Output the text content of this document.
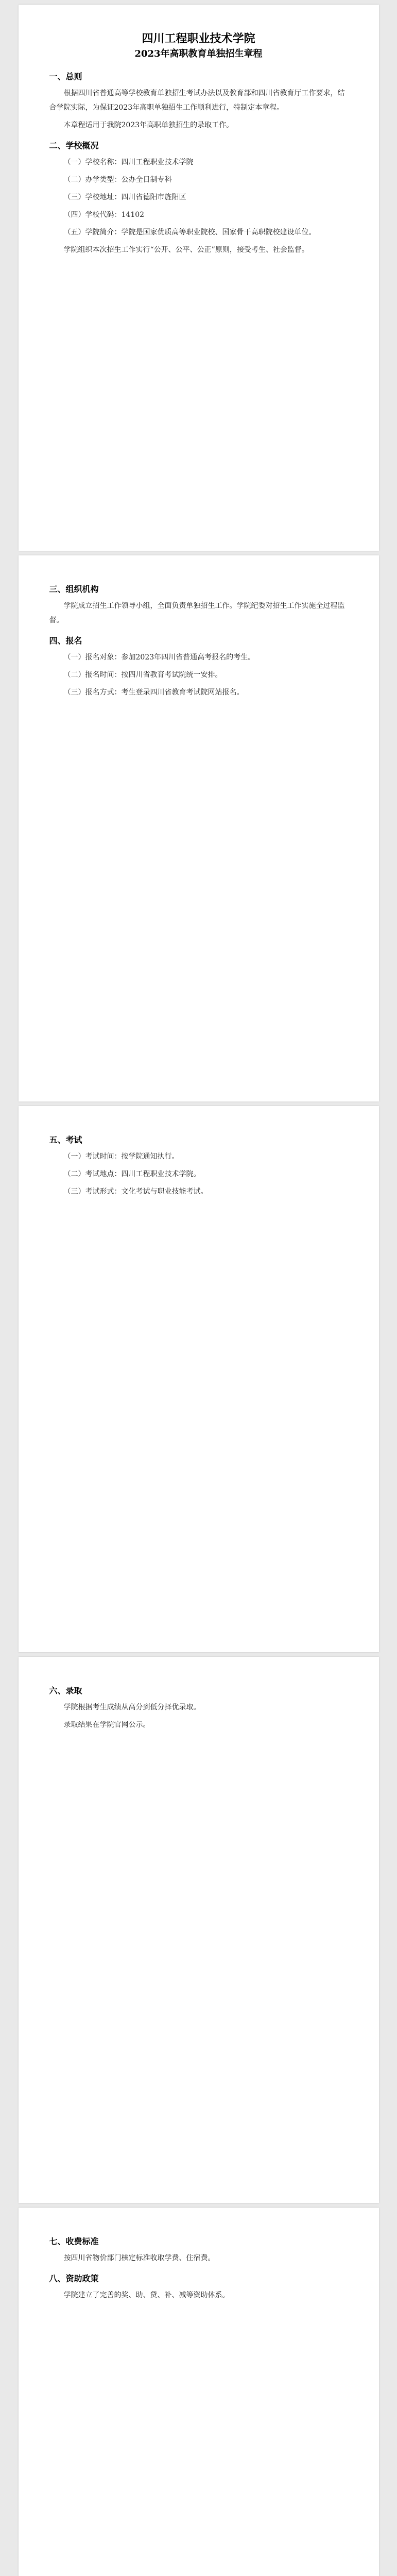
四川工程职业技术学院
2023年高职教育单独招生章程
一、总则

根据四川省普通高等学校教育单独招生考试办法以及教育部和四川省教育厅工作要求，结合学院实际，为保证2023年高职单独招生工作顺利进行，特制定本章程。

本章程适用于我院2023年高职单独招生的录取工作。

二、学校概况

（一）学校名称：四川工程职业技术学院

（二）办学类型：公办全日制专科

（三）学校地址：四川省德阳市旌阳区

（四）学校代码：14102

（五）学院简介：学院是国家优质高等职业院校、国家骨干高职院校建设单位。

学院组织本次招生工作实行“公开、公平、公正”原则，接受考生、社会监督。

三、组织机构

学院成立招生工作领导小组，全面负责单独招生工作。学院纪委对招生工作实施全过程监督。

四、报名

（一）报名对象：参加2023年四川省普通高考报名的考生。

（二）报名时间：按四川省教育考试院统一安排。

（三）报名方式：考生登录四川省教育考试院网站报名。

五、考试

（一）考试时间：按学院通知执行。

（二）考试地点：四川工程职业技术学院。

（三）考试形式：文化考试与职业技能考试。

六、录取

学院根据考生成绩从高分到低分择优录取。

录取结果在学院官网公示。

七、收费标准

按四川省物价部门核定标准收取学费、住宿费。

八、资助政策

学院建立了完善的奖、助、贷、补、减等资助体系。
